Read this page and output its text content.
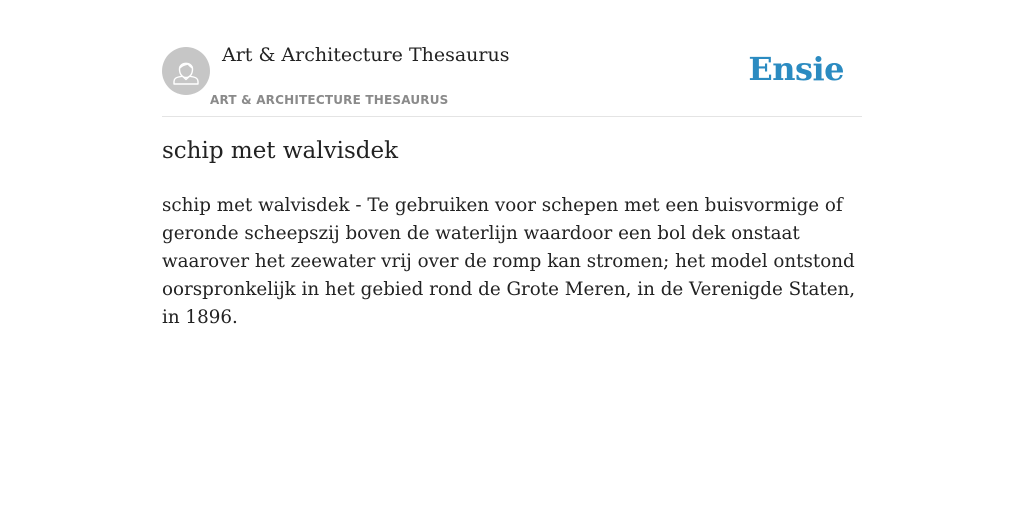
Art & Architecture Thesaurus
ART & ARCHITECTURE THESAURUS
Ensie
schip met walvisdek

schip met walvisdek - Te gebruiken voor schepen met een buisvormige of geronde scheepszij boven de waterlijn waardoor een bol dek onstaat waarover het zeewater vrij over de romp kan stromen; het model ontstond oorspronkelijk in het gebied rond de Grote Meren, in de Verenigde Staten, in 1896.
